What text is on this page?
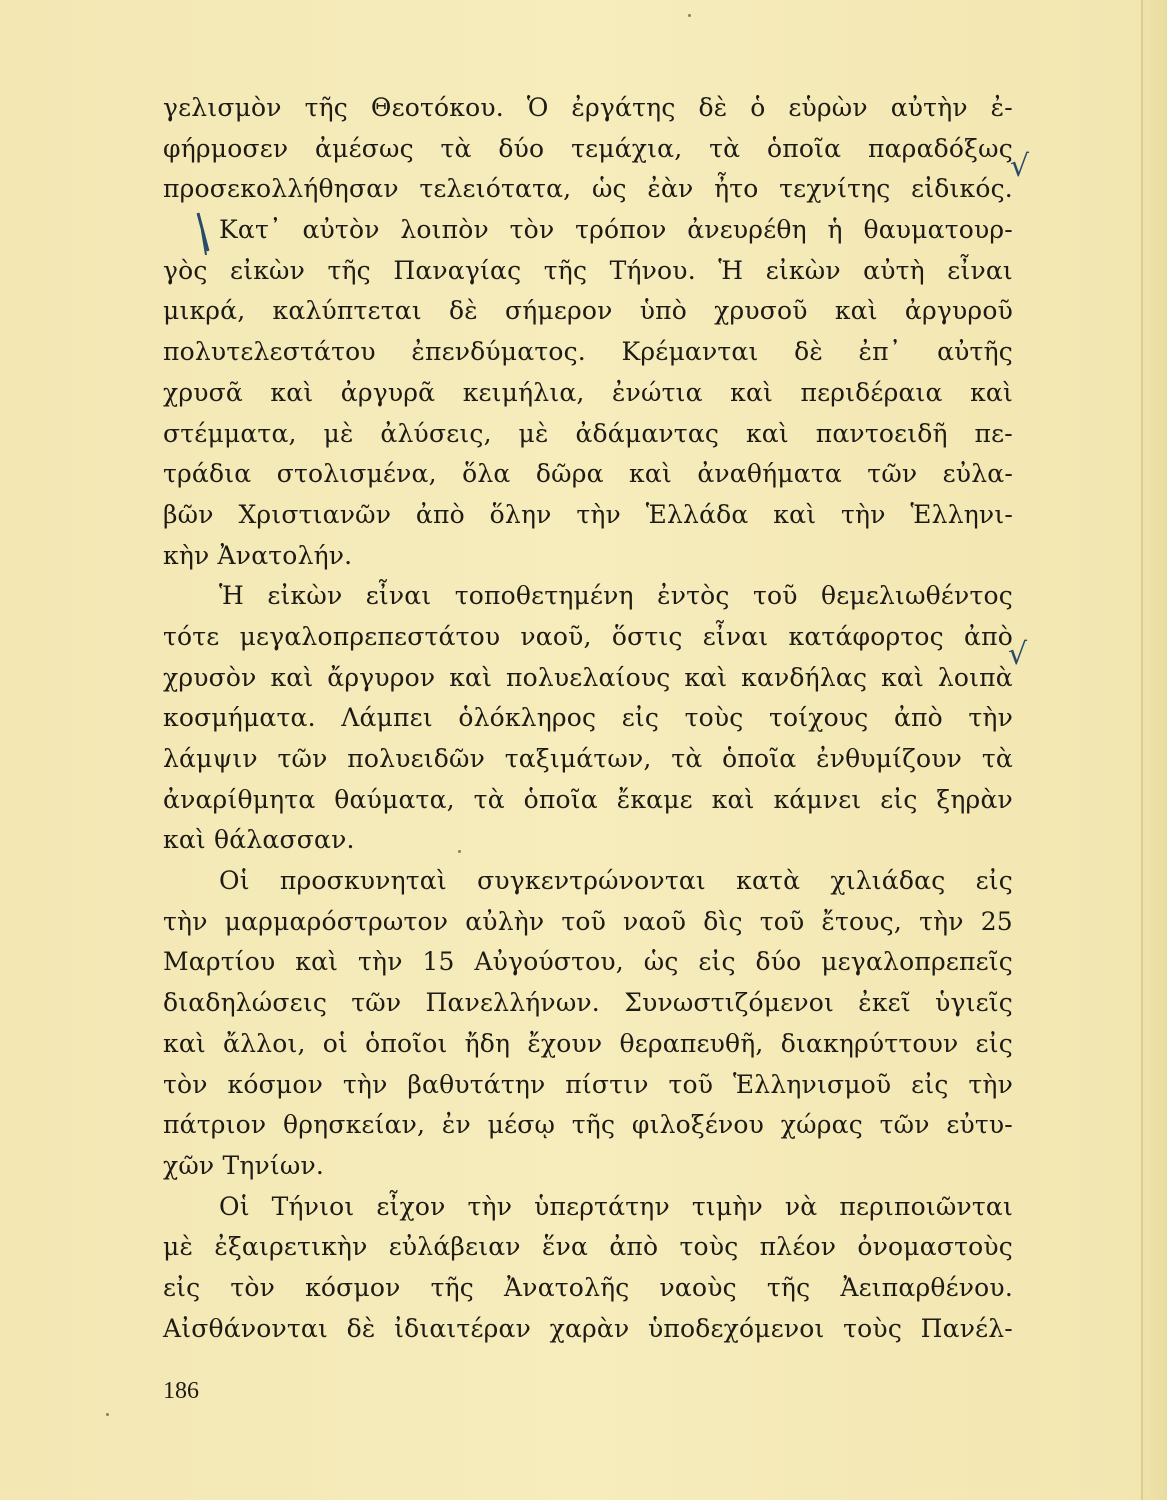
γελισμὸν τῆς Θεοτόκου. Ὁ ἐργάτης δὲ ὁ εὑρὼν αὐτὴν ἐ-
φήρμοσεν ἀμέσως τὰ δύο τεμάχια, τὰ ὁποῖα παραδόξως
προσεκολλήθησαν τελειότατα, ὡς ἐὰν ἦτο τεχνίτης εἰδικός.
Κατ᾽ αὐτὸν λοιπὸν τὸν τρόπον ἀνευρέθη ἡ θαυματουρ-
γὸς εἰκὼν τῆς Παναγίας τῆς Τήνου. Ἡ εἰκὼν αὐτὴ εἶναι
μικρά, καλύπτεται δὲ σήμερον ὑπὸ χρυσοῦ καὶ ἀργυροῦ
πολυτελεστάτου ἐπενδύματος. Κρέμανται δὲ ἐπ᾽ αὐτῆς
χρυσᾶ καὶ ἀργυρᾶ κειμήλια, ἐνώτια καὶ περιδέραια καὶ
στέμματα, μὲ ἀλύσεις, μὲ ἀδάμαντας καὶ παντοειδῆ πε-
τράδια στολισμένα, ὅλα δῶρα καὶ ἀναθήματα τῶν εὐλα-
βῶν Χριστιανῶν ἀπὸ ὅλην τὴν Ἑλλάδα καὶ τὴν Ἑλληνι-
κὴν Ἀνατολήν.
Ἡ εἰκὼν εἶναι τοποθετημένη ἐντὸς τοῦ θεμελιωθέντος
τότε μεγαλοπρεπεστάτου ναοῦ, ὅστις εἶναι κατάφορτος ἀπὸ
χρυσὸν καὶ ἄργυρον καὶ πολυελαίους καὶ κανδήλας καὶ λοιπὰ
κοσμήματα. Λάμπει ὁλόκληρος εἰς τοὺς τοίχους ἀπὸ τὴν
λάμψιν τῶν πολυειδῶν ταξιμάτων, τὰ ὁποῖα ἐνθυμίζουν τὰ
ἀναρίθμητα θαύματα, τὰ ὁποῖα ἔκαμε καὶ κάμνει εἰς ξηρὰν
καὶ θάλασσαν.
Οἱ προσκυνηταὶ συγκεντρώνονται κατὰ χιλιάδας εἰς
τὴν μαρμαρόστρωτον αὐλὴν τοῦ ναοῦ δὶς τοῦ ἔτους, τὴν 25
Μαρτίου καὶ τὴν 15 Αὐγούστου, ὡς εἰς δύο μεγαλοπρεπεῖς
διαδηλώσεις τῶν Πανελλήνων. Συνωστιζόμενοι ἐκεῖ ὑγιεῖς
καὶ ἄλλοι, οἱ ὁποῖοι ἤδη ἔχουν θεραπευθῆ, διακηρύττουν εἰς
τὸν κόσμον τὴν βαθυτάτην πίστιν τοῦ Ἑλληνισμοῦ εἰς τὴν
πάτριον θρησκείαν, ἐν μέσῳ τῆς φιλοξένου χώρας τῶν εὐτυ-
χῶν Τηνίων.
Οἱ Τήνιοι εἶχον τὴν ὑπερτάτην τιμὴν νὰ περιποιῶνται
μὲ ἐξαιρετικὴν εὐλάβειαν ἕνα ἀπὸ τοὺς πλέον ὀνομαστοὺς
εἰς τὸν κόσμον τῆς Ἀνατολῆς ναοὺς τῆς Ἀειπαρθένου.
Αἰσθάνονται δὲ ἰδιαιτέραν χαρὰν ὑποδεχόμενοι τοὺς Πανέλ-
√
√
186
